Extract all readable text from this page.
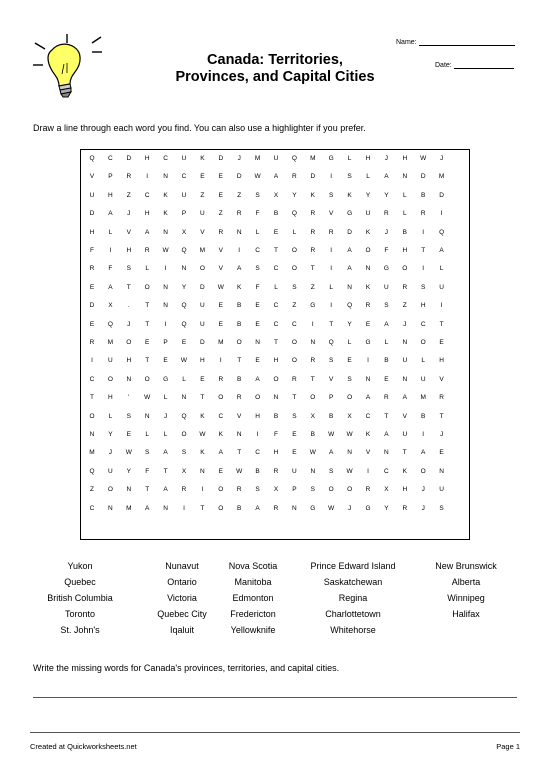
Canada: Territories,
Provinces, and Capital Cities
Name:
Date:
Draw a line through each word you find. You can also use a highlighter if you prefer.
Q	C	D	H	C	U	K	D	J	M	U	Q	M	G	L	H	J	H	W	J
V	P	R	I	N	C	E	E	D	W	A	R	D	I	S	L	A	N	D	M
U	H	Z	C	K	U	Z	E	Z	S	X	Y	K	S	K	Y	Y	L	B	D
D	A	J	H	K	P	U	Z	R	F	B	Q	R	V	G	U	R	L	R	I
H	L	V	A	N	X	V	R	N	L	E	L	R	R	D	K	J	B	I	Q
F	I	H	R	W	Q	M	V	I	C	T	O	R	I	A	O	F	H	T	A
R	F	S	L	I	N	O	V	A	S	C	O	T	I	A	N	G	O	I	L
E	A	T	O	N	Y	D	W	K	F	L	S	Z	L	N	K	U	R	S	U
D	X	.	T	N	Q	U	E	B	E	C	Z	G	I	Q	R	S	Z	H	I
E	Q	J	T	I	Q	U	E	B	E	C	C	I	T	Y	E	A	J	C	T
R	M	O	E	P	E	D	M	O	N	T	O	N	Q	L	G	L	N	O	E
I	U	H	T	E	W	H	I	T	E	H	O	R	S	E	I	B	U	L	H
C	O	N	O	G	L	E	R	B	A	O	R	T	V	S	N	E	N	U	V
T	H	'	W	L	N	T	O	R	O	N	T	O	P	O	A	R	A	M	R
O	L	S	N	J	Q	K	C	V	H	B	S	X	B	X	C	T	V	B	T
N	Y	E	L	L	O	W	K	N	I	F	E	B	W	W	K	A	U	I	J
M	J	W	S	A	S	K	A	T	C	H	E	W	A	N	V	N	T	A	E
Q	U	Y	F	T	X	N	E	W	B	R	U	N	S	W	I	C	K	O	N
Z	O	N	T	A	R	I	O	R	S	X	P	S	O	O	R	X	H	J	U
C	N	M	A	N	I	T	O	B	A	R	N	G	W	J	G	Y	R	J	S
Yukon	Nunavut	Nova Scotia	Prince Edward Island	New Brunswick
Quebec	Ontario	Manitoba	Saskatchewan	Alberta
British Columbia	Victoria	Edmonton	Regina	Winnipeg
Toronto	Quebec City	Fredericton	Charlottetown	Halifax
St. John's	Iqaluit	Yellowknife	Whitehorse
Write the missing words for Canada's provinces, territories, and capital cities.
Created at Quickworksheets.net	Page 1
